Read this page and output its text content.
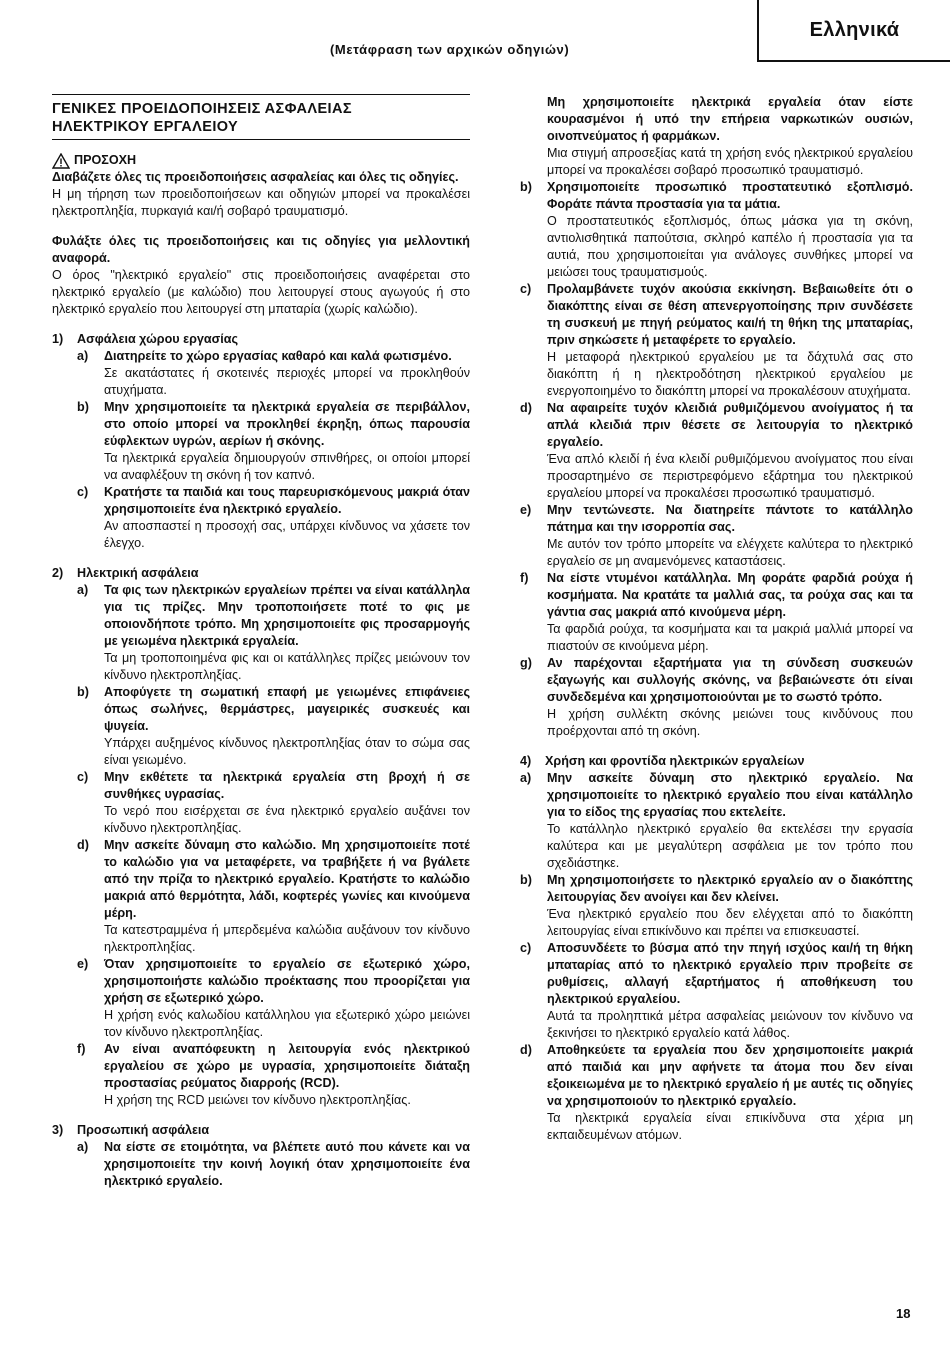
Ελληνικά
(Μετάφραση των αρχικών οδηγιών)
ΓΕΝΙΚΕΣ ΠΡΟΕΙΔΟΠΟΙΗΣΕΙΣ ΑΣΦΑΛΕΙΑΣ
ΗΛΕΚΤΡΙΚΟΥ ΕΡΓΑΛΕΙΟΥ
ΠΡΟΣΟΧΗ

Διαβάζετε όλες τις προειδοποιήσεις ασφαλείας και όλες τις οδηγίες.

Η μη τήρηση των προειδοποιήσεων και οδηγιών μπορεί να προκαλέσει ηλεκτροπληξία, πυρκαγιά και/ή σοβαρό τραυματισμό.

Φυλάξτε όλες τις προειδοποιήσεις και τις οδηγίες για μελλοντική αναφορά.

Ο όρος "ηλεκτρικό εργαλείο" στις προειδοποιήσεις αναφέρεται στο ηλεκτρικό εργαλείο (με καλώδιο) που λειτουργεί στους αγωγούς ή στο ηλεκτρικό εργαλείο που λειτουργεί στη μπαταρία (χωρίς καλώδιο).

1)	Ασφάλεια χώρου εργασίας
a)	Διατηρείτε το χώρο εργασίας καθαρό και καλά φωτισμένο.

Σε ακατάστατες ή σκοτεινές περιοχές μπορεί να προκληθούν ατυχήματα.

b)	Μην χρησιμοποιείτε τα ηλεκτρικά εργαλεία σε περιβάλλον, στο οποίο μπορεί να προκληθεί έκρηξη, όπως παρουσία εύφλεκτων υγρών, αερίων ή σκόνης.

Τα ηλεκτρικά εργαλεία δημιουργούν σπινθήρες, οι οποίοι μπορεί να αναφλέξουν τη σκόνη ή τον καπνό.

c)	Κρατήστε τα παιδιά και τους παρευρισκόμενους μακριά όταν χρησιμοποιείτε ένα ηλεκτρικό εργαλείο.

Αν αποσπαστεί η προσοχή σας, υπάρχει κίνδυνος να χάσετε τον έλεγχο.

2)	Ηλεκτρική ασφάλεια
a)	Τα φις των ηλεκτρικών εργαλείων πρέπει να είναι κατάλληλα για τις πρίζες. Μην τροποποιήσετε ποτέ το φις με οποιονδήποτε τρόπο. Μη χρησιμοποιείτε φις προσαρμογής με γειωμένα ηλεκτρικά εργαλεία.

Τα μη τροποποιημένα φις και οι κατάλληλες πρίζες μειώνουν τον κίνδυνο ηλεκτροπληξίας.

b)	Αποφύγετε τη σωματική επαφή με γειωμένες επιφάνειες όπως σωλήνες, θερμάστρες, μαγειρικές συσκευές και ψυγεία.

Υπάρχει αυξημένος κίνδυνος ηλεκτροπληξίας όταν το σώμα σας είναι γειωμένο.

c)	Μην εκθέτετε τα ηλεκτρικά εργαλεία στη βροχή ή σε συνθήκες υγρασίας.

Το νερό που εισέρχεται σε ένα ηλεκτρικό εργαλείο αυξάνει τον κίνδυνο ηλεκτροπληξίας.

d)	Μην ασκείτε δύναμη στο καλώδιο. Μη χρησιμοποιείτε ποτέ το καλώδιο για να μεταφέρετε, να τραβήξετε ή να βγάλετε από την πρίζα το ηλεκτρικό εργαλείο. Κρατήστε το καλώδιο μακριά από θερμότητα, λάδι, κοφτερές γωνίες και κινούμενα μέρη.

Τα κατεστραμμένα ή μπερδεμένα καλώδια αυξάνουν τον κίνδυνο ηλεκτροπληξίας.

e)	Όταν χρησιμοποιείτε το εργαλείο σε εξωτερικό χώρο, χρησιμοποιήστε καλώδιο προέκτασης που προορίζεται για χρήση σε εξωτερικό χώρο.

Η χρήση ενός καλωδίου κατάλληλου για εξωτερικό χώρο μειώνει τον κίνδυνο ηλεκτροπληξίας.

f)	Αν είναι αναπόφευκτη η λειτουργία ενός ηλεκτρικού εργαλείου σε χώρο με υγρασία, χρησιμοποιείτε διάταξη προστασίας ρεύματος διαρροής (RCD).

Η χρήση της RCD μειώνει τον κίνδυνο ηλεκτροπληξίας.

3)	Προσωπική ασφάλεια
a)	Να είστε σε ετοιμότητα, να βλέπετε αυτό που κάνετε και να χρησιμοποιείτε την κοινή λογική όταν χρησιμοποιείτε ένα ηλεκτρικό εργαλείο.

Μη χρησιμοποιείτε ηλεκτρικά εργαλεία όταν είστε κουρασμένοι ή υπό την επήρεια ναρκωτικών ουσιών, οινοπνεύματος ή φαρμάκων.

Μια στιγμή απροσεξίας κατά τη χρήση ενός ηλεκτρικού εργαλείου μπορεί να προκαλέσει σοβαρό προσωπικό τραυματισμό.

b)	Χρησιμοποιείτε προσωπικό προστατευτικό εξοπλισμό. Φοράτε πάντα προστασία για τα μάτια.

Ο προστατευτικός εξοπλισμός, όπως μάσκα για τη σκόνη, αντιολισθητικά παπούτσια, σκληρό καπέλο ή προστασία για τα αυτιά, που χρησιμοποιείται για ανάλογες συνθήκες μπορεί να μειώσει τους τραυματισμούς.

c)	Προλαμβάνετε τυχόν ακούσια εκκίνηση. Βεβαιωθείτε ότι ο διακόπτης είναι σε θέση απενεργοποίησης πριν συνδέσετε τη συσκευή με πηγή ρεύματος και/ή τη θήκη της μπαταρίας, πριν σηκώσετε ή μεταφέρετε το εργαλείο.

Η μεταφορά ηλεκτρικού εργαλείου με τα δάχτυλά σας στο διακόπτη ή η ηλεκτροδότηση ηλεκτρικού εργαλείου με ενεργοποιημένο το διακόπτη μπορεί να προκαλέσουν ατυχήματα.

d)	Να αφαιρείτε τυχόν κλειδιά ρυθμιζόμενου ανοίγματος ή τα απλά κλειδιά πριν θέσετε σε λειτουργία το ηλεκτρικό εργαλείο.

Ένα απλό κλειδί ή ένα κλειδί ρυθμιζόμενου ανοίγματος που είναι προσαρτημένο σε περιστρεφόμενο εξάρτημα του ηλεκτρικού εργαλείου μπορεί να προκαλέσει προσωπικό τραυματισμό.

e)	Μην τεντώνεστε. Να διατηρείτε πάντοτε το κατάλληλο πάτημα και την ισορροπία σας.

Με αυτόν τον τρόπο μπορείτε να ελέγχετε καλύτερα το ηλεκτρικό εργαλείο σε μη αναμενόμενες καταστάσεις.

f)	Να είστε ντυμένοι κατάλληλα. Μη φοράτε φαρδιά ρούχα ή κοσμήματα. Να κρατάτε τα μαλλιά σας, τα ρούχα σας και τα γάντια σας μακριά από κινούμενα μέρη.

Τα φαρδιά ρούχα, τα κοσμήματα και τα μακριά μαλλιά μπορεί να πιαστούν σε κινούμενα μέρη.

g)	Αν παρέχονται εξαρτήματα για τη σύνδεση συσκευών εξαγωγής και συλλογής σκόνης, να βεβαιώνεστε ότι είναι συνδεδεμένα και χρησιμοποιούνται με το σωστό τρόπο.

Η χρήση συλλέκτη σκόνης μειώνει τους κινδύνους που προέρχονται από τη σκόνη.

4)	Χρήση και φροντίδα ηλεκτρικών εργαλείων
a)	Μην ασκείτε δύναμη στο ηλεκτρικό εργαλείο. Να χρησιμοποιείτε το ηλεκτρικό εργαλείο που είναι κατάλληλο για το είδος της εργασίας που εκτελείτε.

Το κατάλληλο ηλεκτρικό εργαλείο θα εκτελέσει την εργασία καλύτερα και με μεγαλύτερη ασφάλεια με τον τρόπο που σχεδιάστηκε.

b)	Μη χρησιμοποιήσετε το ηλεκτρικό εργαλείο αν ο διακόπτης λειτουργίας δεν ανοίγει και δεν κλείνει.

Ένα ηλεκτρικό εργαλείο που δεν ελέγχεται από το διακόπτη λειτουργίας είναι επικίνδυνο και πρέπει να επισκευαστεί.

c)	Αποσυνδέετε το βύσμα από την πηγή ισχύος και/ή τη θήκη μπαταρίας από το ηλεκτρικό εργαλείο πριν προβείτε σε ρυθμίσεις, αλλαγή εξαρτήματος ή αποθήκευση του ηλεκτρικού εργαλείου.

Αυτά τα προληπτικά μέτρα ασφαλείας μειώνουν τον κίνδυνο να ξεκινήσει το ηλεκτρικό εργαλείο κατά λάθος.

d)	Αποθηκεύετε τα εργαλεία που δεν χρησιμοποιείτε μακριά από παιδιά και μην αφήνετε τα άτομα που δεν είναι εξοικειωμένα με το ηλεκτρικό εργαλείο ή με αυτές τις οδηγίες να χρησιμοποιούν το ηλεκτρικό εργαλείο.

Τα ηλεκτρικά εργαλεία είναι επικίνδυνα στα χέρια μη εκπαιδευμένων ατόμων.

18
